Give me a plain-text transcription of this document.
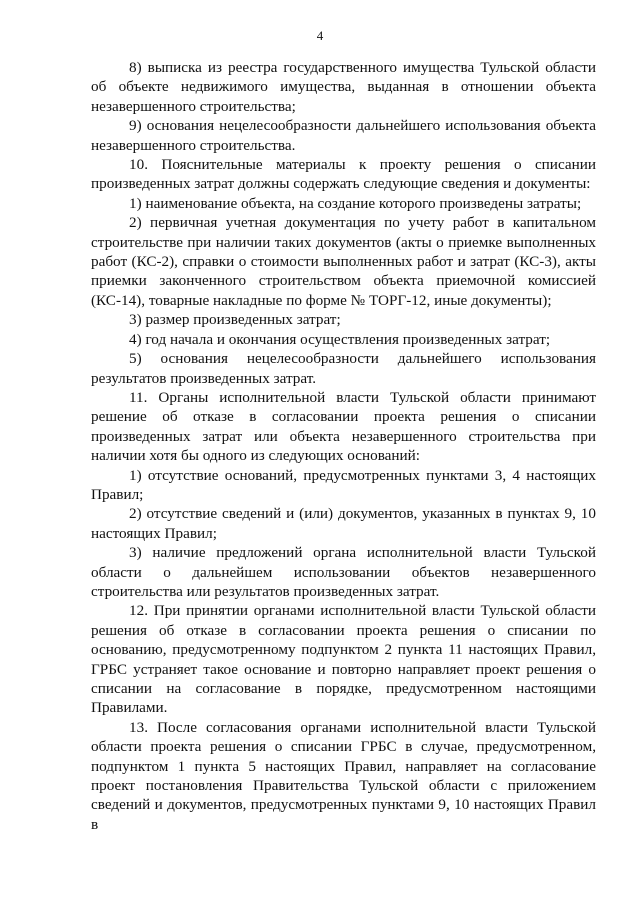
4

8) выписка из реестра государственного имущества Тульской области об объекте недвижимого имущества, выданная в отношении объекта незавершенного строительства;

9) основания нецелесообразности дальнейшего использования объекта незавершенного строительства.

10. Пояснительные материалы к проекту решения о списании произведенных затрат должны содержать следующие сведения и документы:

1) наименование объекта, на создание которого произведены затраты;

2) первичная учетная документация по учету работ в капитальном строительстве при наличии таких документов (акты о приемке выполненных работ (КС-2), справки о стоимости выполненных работ и затрат (КС-3), акты приемки законченного строительством объекта приемочной комиссией (КС-14), товарные накладные по форме № ТОРГ-12, иные документы);

3) размер произведенных затрат;

4) год начала и окончания осуществления произведенных затрат;

5) основания нецелесообразности дальнейшего использования результатов произведенных затрат.

11. Органы исполнительной власти Тульской области принимают решение об отказе в согласовании проекта решения о списании произведенных затрат или объекта незавершенного строительства при наличии хотя бы одного из следующих оснований:

1) отсутствие оснований, предусмотренных пунктами 3, 4 настоящих Правил;

2) отсутствие сведений и (или) документов, указанных в пунктах 9, 10 настоящих Правил;

3) наличие предложений органа исполнительной власти Тульской области о дальнейшем использовании объектов незавершенного строительства или результатов произведенных затрат.

12. При принятии органами исполнительной власти Тульской области решения об отказе в согласовании проекта решения о списании по основанию, предусмотренному подпунктом 2 пункта 11 настоящих Правил, ГРБС устраняет такое основание и повторно направляет проект решения о списании на согласование в порядке, предусмотренном настоящими Правилами.

13. После согласования органами исполнительной власти Тульской области проекта решения о списании ГРБС в случае, предусмотренном, подпунктом 1 пункта 5 настоящих Правил, направляет на согласование проект постановления Правительства Тульской области с приложением сведений и документов, предусмотренных пунктами 9, 10 настоящих Правил в
